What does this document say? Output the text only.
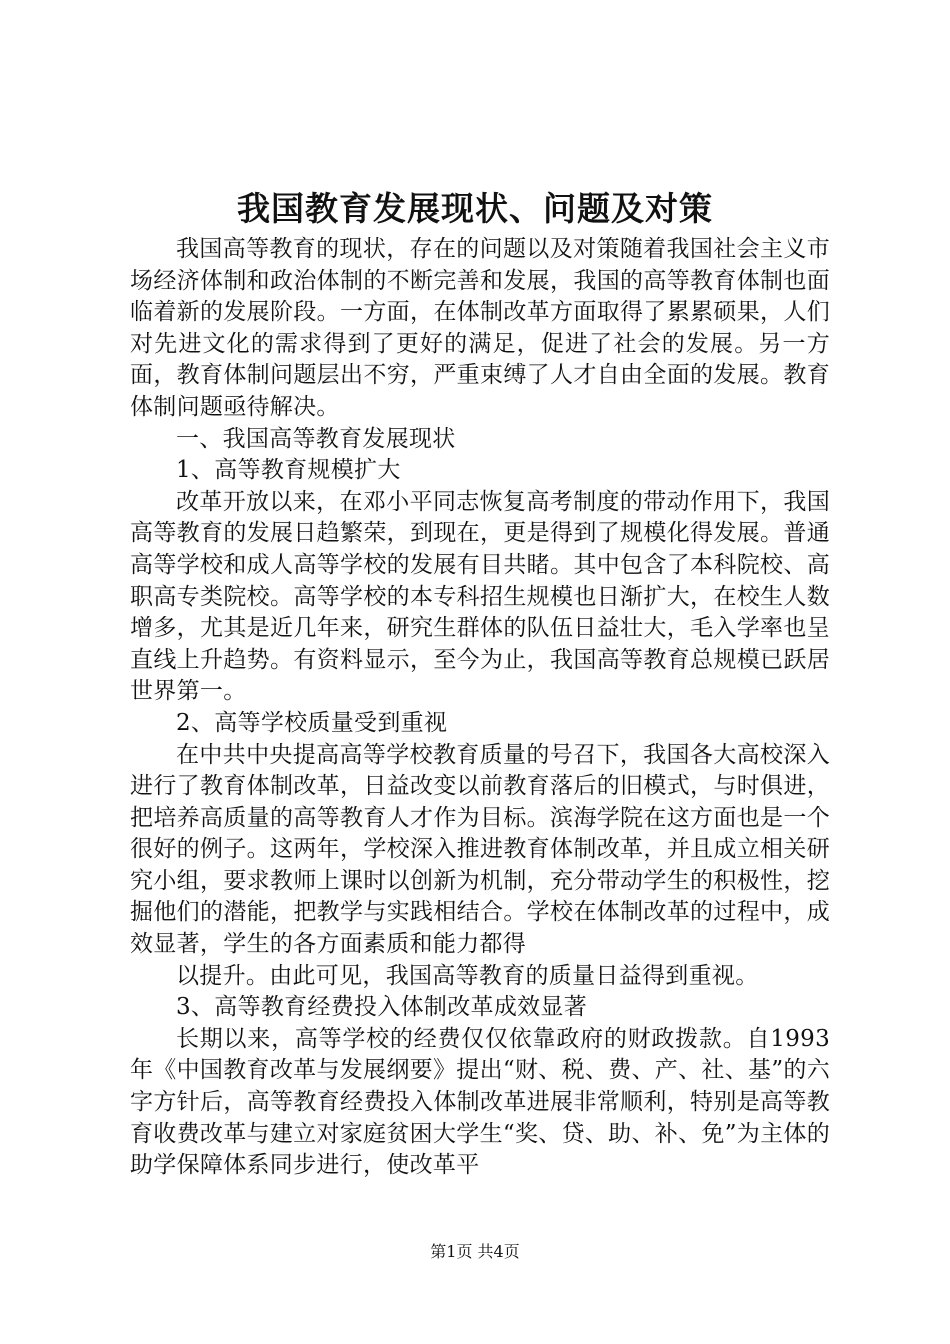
我国教育发展现状、问题及对策

我国高等教育的现状，存在的问题以及对策随着我国社会主义市场经济体制和政治体制的不断完善和发展，我国的高等教育体制也面临着新的发展阶段。一方面，在体制改革方面取得了累累硕果，人们对先进文化的需求得到了更好的满足，促进了社会的发展。另一方面，教育体制问题层出不穷，严重束缚了人才自由全面的发展。教育体制问题亟待解决。

一、我国高等教育发展现状

1、高等教育规模扩大

改革开放以来，在邓小平同志恢复高考制度的带动作用下，我国高等教育的发展日趋繁荣，到现在，更是得到了规模化得发展。普通高等学校和成人高等学校的发展有目共睹。其中包含了本科院校、高职高专类院校。高等学校的本专科招生规模也日渐扩大，在校生人数增多，尤其是近几年来，研究生群体的队伍日益壮大，毛入学率也呈直线上升趋势。有资料显示，至今为止，我国高等教育总规模已跃居世界第一。

2、高等学校质量受到重视

在中共中央提高高等学校教育质量的号召下，我国各大高校深入进行了教育体制改革，日益改变以前教育落后的旧模式，与时俱进，把培养高质量的高等教育人才作为目标。滨海学院在这方面也是一个很好的例子。这两年，学校深入推进教育体制改革，并且成立相关研究小组，要求教师上课时以创新为机制，充分带动学生的积极性，挖掘他们的潜能，把教学与实践相结合。学校在体制改革的过程中，成效显著，学生的各方面素质和能力都得

以提升。由此可见，我国高等教育的质量日益得到重视。

3、高等教育经费投入体制改革成效显著

长期以来，高等学校的经费仅仅依靠政府的财政拨款。自1993年《中国教育改革与发展纲要》提出“财、税、费、产、社、基”的六字方针后，高等教育经费投入体制改革进展非常顺利，特别是高等教育收费改革与建立对家庭贫困大学生“奖、贷、助、补、免”为主体的助学保障体系同步进行，使改革平

第1页 共4页
